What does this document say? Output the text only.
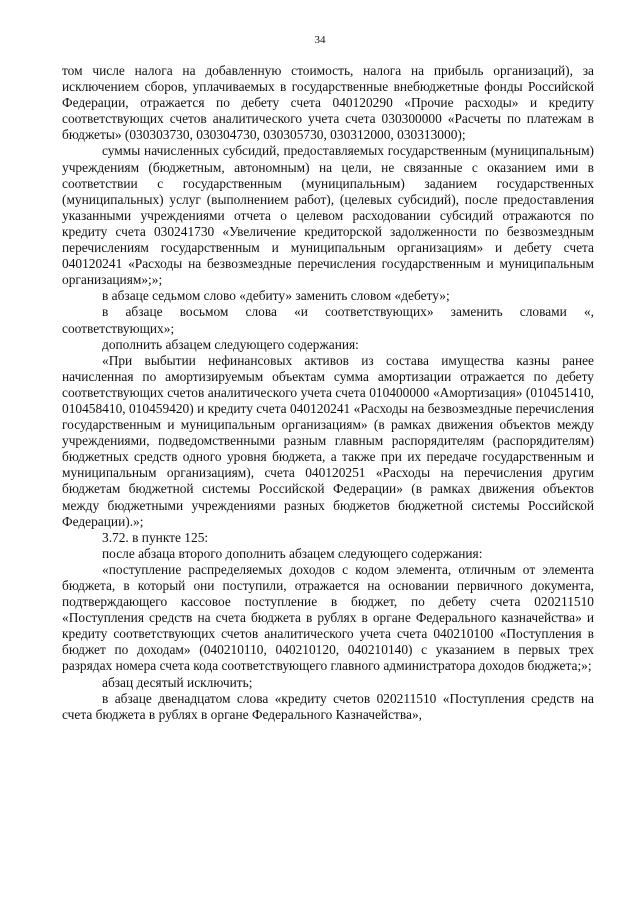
34

том числе налога на добавленную стоимость, налога на прибыль организаций), за исключением сборов, уплачиваемых в государственные внебюджетные фонды Российской Федерации, отражается по дебету счета 040120290 «Прочие расходы» и кредиту соответствующих счетов аналитического учета счета 030300000 «Расчеты по платежам в бюджеты» (030303730, 030304730, 030305730, 030312000, 030313000);

суммы начисленных субсидий, предоставляемых государственным (муниципальным) учреждениям (бюджетным, автономным) на цели, не связанные с оказанием ими в соответствии с государственным (муниципальным) заданием государственных (муниципальных) услуг (выполнением работ), (целевых субсидий), после предоставления указанными учреждениями отчета о целевом расходовании субсидий отражаются по кредиту счета 030241730 «Увеличение кредиторской задолженности по безвозмездным перечислениям государственным и муниципальным организациям» и дебету счета 040120241 «Расходы на безвозмездные перечисления государственным и муниципальным организациям»;»;

в абзаце седьмом слово «дебиту» заменить словом «дебету»;

в абзаце восьмом слова «и соответствующих» заменить словами «, соответствующих»;

дополнить абзацем следующего содержания:

«При выбытии нефинансовых активов из состава имущества казны ранее начисленная по амортизируемым объектам сумма амортизации отражается по дебету соответствующих счетов аналитического учета счета 010400000 «Амортизация» (010451410, 010458410, 010459420) и кредиту счета 040120241 «Расходы на безвозмездные перечисления государственным и муниципальным организациям» (в рамках движения объектов между учреждениями, подведомственными разным главным распорядителям (распорядителям) бюджетных средств одного уровня бюджета, а также при их передаче государственным и муниципальным организациям), счета 040120251 «Расходы на перечисления другим бюджетам бюджетной системы Российской Федерации» (в рамках движения объектов между бюджетными учреждениями разных бюджетов бюджетной системы Российской Федерации).»;

3.72. в пункте 125:

после абзаца второго дополнить абзацем следующего содержания:

«поступление распределяемых доходов с кодом элемента, отличным от элемента бюджета, в который они поступили, отражается на основании первичного документа, подтверждающего кассовое поступление в бюджет, по дебету счета 020211510 «Поступления средств на счета бюджета в рублях в органе Федерального казначейства» и кредиту соответствующих счетов аналитического учета счета 040210100 «Поступления в бюджет по доходам» (040210110, 040210120, 040210140) с указанием в первых трех разрядах номера счета кода соответствующего главного администратора доходов бюджета;»;

абзац десятый исключить;

в абзаце двенадцатом слова «кредиту счетов 020211510 «Поступления средств на счета бюджета в рублях в органе Федерального Казначейства»,
